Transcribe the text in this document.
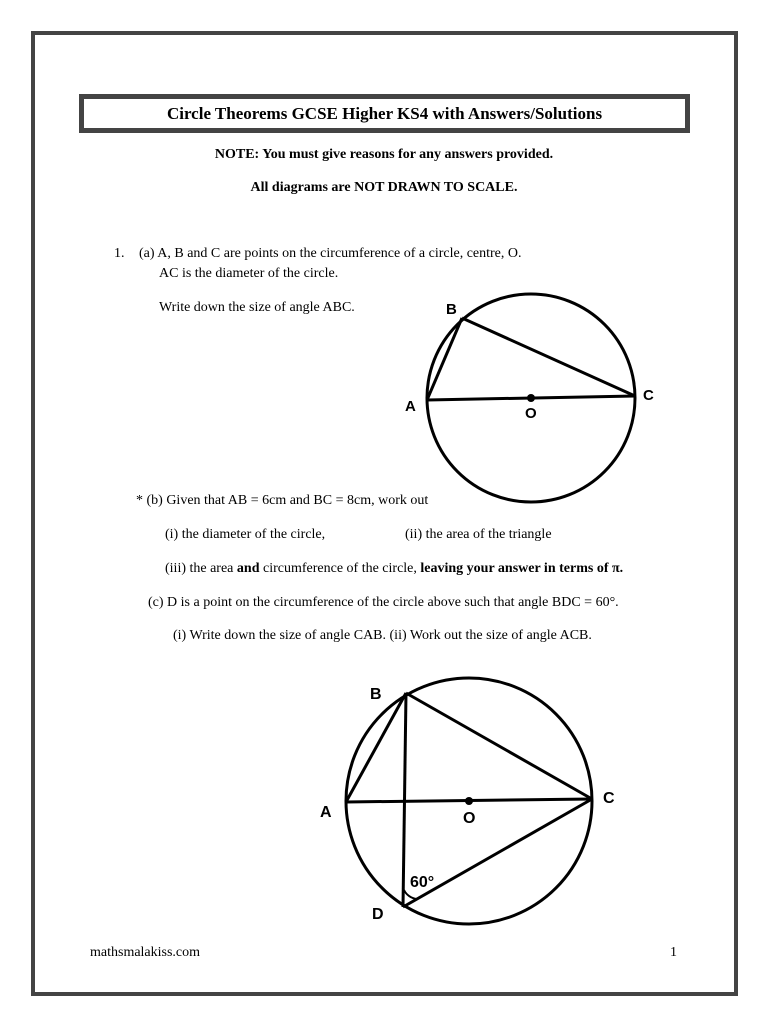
Circle Theorems GCSE Higher KS4 with Answers/Solutions
NOTE: You must give reasons for any answers provided.
All diagrams are NOT DRAWN TO SCALE.
1. (a) A, B and C are points on the circumference of a circle, centre, O.
AC is the diameter of the circle.
Write down the size of angle ABC.
* (b) Given that AB = 6cm and BC = 8cm, work out
(i) the diameter of the circle,	(ii) the area of the triangle
(iii) the area and circumference of the circle, leaving your answer in terms of π.
(c) D is a point on the circumference of the circle above such that angle BDC = 60°.
(i) Write down the size of angle CAB. (ii) Work out the size of angle ACB.
A
B
C
O
A
B
C
O
D
60°
mathsmalakiss.com	1
